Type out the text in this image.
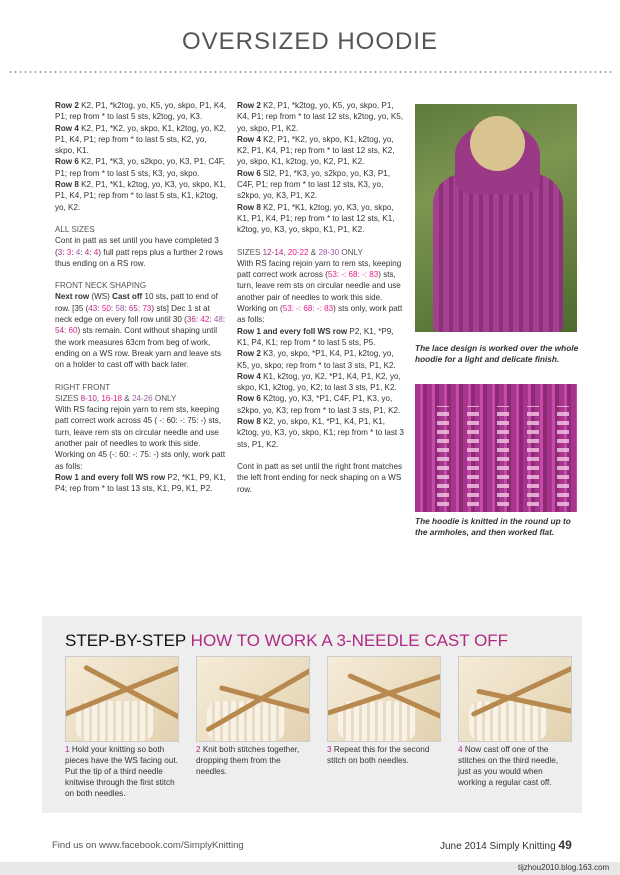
OVERSIZED HOODIE

Row 2 K2, P1, *k2tog, yo, K5, yo, skpo, P1, K4, P1; rep from * to last 5 sts, k2tog, yo, K3.

Row 4 K2, P1, *K2, yo, skpo, K1, k2tog, yo, K2, P1, K4, P1; rep from * to last 5 sts, K2, yo, skpo, K1.

Row 6 K2, P1, *K3, yo, s2kpo, yo, K3, P1, C4F, P1; rep from * to last 5 sts, K3, yo, skpo.

Row 8 K2, P1, *K1, k2tog, yo, K3, yo, skpo, K1, P1, K4, P1; rep from * to last 5 sts, K1, k2tog, yo, K2.

ALL SIZES

Cont in patt as set until you have completed 3 (3: 3: 4: 4: 4) full patt reps plus a further 2 rows thus ending on a RS row.

FRONT NECK SHAPING

Next row (WS) Cast off 10 sts, patt to end of row. [35 (43: 50: 58: 65: 73) sts] Dec 1 st at neck edge on every foll row until 30 (36: 42: 48: 54: 60) sts remain. Cont without shaping until the work measures 63cm from beg of work, ending on a WS row. Break yarn and leave sts on a holder to cast off with back later.

RIGHT FRONT

SIZES 8-10, 16-18 & 24-26 ONLY

With RS facing rejoin yarn to rem sts, keeping patt correct work across 45 ( -: 60: -: 75: -) sts, turn, leave rem sts on circular needle and use another pair of needles to work this side.

Working on 45 (-: 60: -: 75: -) sts only, work patt as folls:

Row 1 and every foll WS row P2, *K1, P9, K1, P4; rep from * to last 13 sts, K1, P9, K1, P2.

Row 2 K2, P1, *k2tog, yo, K5, yo, skpo, P1, K4, P1; rep from * to last 12 sts, k2tog, yo, K5, yo, skpo, P1, K2.

Row 4 K2, P1, *K2, yo, skpo, K1, k2tog, yo, K2, P1, K4, P1; rep from * to last 12 sts, K2, yo, skpo, K1, k2tog, yo, K2, P1, K2.

Row 6 Sl2, P1, *K3, yo, s2kpo, yo, K3, P1, C4F, P1; rep from * to last 12 sts, K3, yo, s2kpo, yo, K3, P1, K2.

Row 8 K2, P1, *K1, k2tog, yo, K3, yo, skpo, K1, P1, K4, P1; rep from * to last 12 sts, K1, k2tog, yo, K3, yo, skpo, K1, P1, K2.

SIZES 12-14, 20-22 & 28-30 ONLY

With RS facing rejoin yarn to rem sts, keeping patt correct work across (53: -: 68: -: 83) sts, turn, leave rem sts on circular needle and use another pair of needles to work this side.

Working on (53: -: 68: -: 83) sts only, work patt as folls:

Row 1 and every foll WS row P2, K1, *P9, K1, P4, K1; rep from * to last 5 sts, P5.

Row 2 K3, yo, skpo, *P1, K4, P1, k2tog, yo, K5, yo, skpo; rep from * to last 3 sts, P1, K2.

Row 4 K1, k2tog, yo, K2, *P1, K4, P1, K2, yo, skpo, K1, k2tog, yo, K2; to last 3 sts, P1, K2.

Row 6 K2tog, yo, K3, *P1, C4F, P1, K3, yo, s2kpo, yo, K3; rep from * to last 3 sts, P1, K2.

Row 8 K2, yo, skpo, K1, *P1, K4, P1, K1, k2tog, yo, K3, yo, skpo, K1; rep from * to last 3 sts, P1, K2.

Cont in patt as set until the right front matches the left front ending for neck shaping on a WS row.

The lace design is worked over the whole hoodie for a light and delicate finish.
The hoodie is knitted in the round up to the armholes, and then worked flat.
STEP-BY-STEP HOW TO WORK A 3-NEEDLE CAST OFF
1 Hold your knitting so both pieces have the WS facing out. Put the tip of a third needle knitwise through the first stitch on both needles.
2 Knit both stitches together, dropping them from the needles.
3 Repeat this for the second stitch on both needles.
4 Now cast off one of the stitches on the third needle, just as you would when working a regular cast off.
Find us on www.facebook.com/SimplyKnitting	June 2014 Simply Knitting 49
tijzhou2010.blog.163.com
